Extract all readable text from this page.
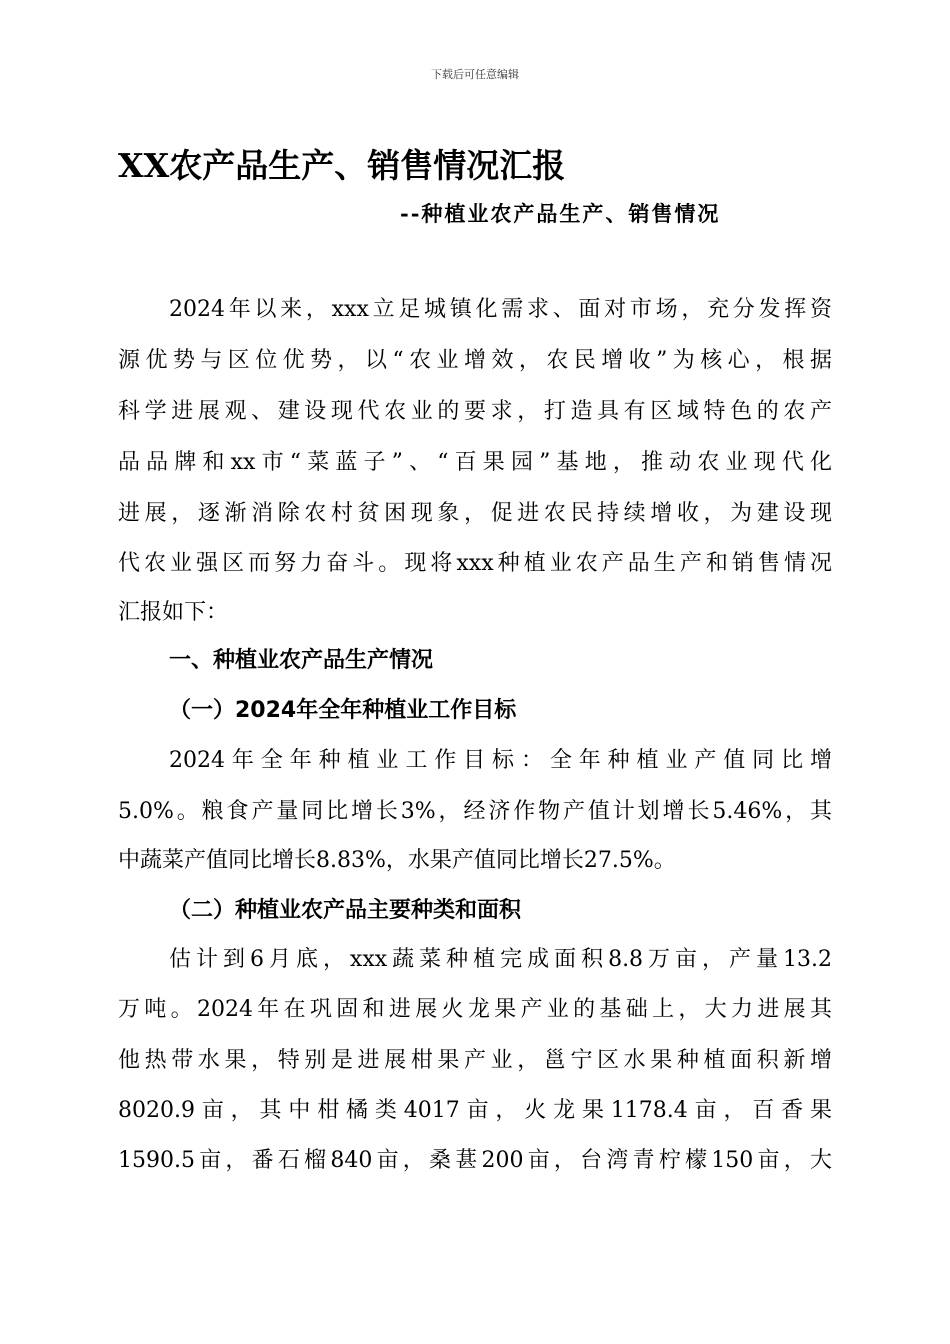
下载后可任意编辑
XX农产品生产、销售情况汇报
--种植业农产品生产、销售情况
2024年以来，xxx立足城镇化需求、面对市场，充分发挥资
源优势与区位优势，以“农业增效，农民增收”为核心，根据
科学进展观、建设现代农业的要求，打造具有区域特色的农产
品品牌和xx市“菜蓝子”、“百果园”基地，推动农业现代化
进展，逐渐消除农村贫困现象，促进农民持续增收，为建设现
代农业强区而努力奋斗。现将xxx种植业农产品生产和销售情况
汇报如下：
一、种植业农产品生产情况
（一）2024年全年种植业工作目标
2024年全年种植业工作目标：全年种植业产值同比增
5.0%。粮食产量同比增长3%，经济作物产值计划增长5.46%，其
中蔬菜产值同比增长8.83%，水果产值同比增长27.5%。
（二）种植业农产品主要种类和面积
估计到6月底，xxx蔬菜种植完成面积8.8万亩，产量13.2
万吨。2024年在巩固和进展火龙果产业的基础上，大力进展其
他热带水果，特别是进展柑果产业，邕宁区水果种植面积新增
8020.9亩，其中柑橘类4017亩，火龙果1178.4亩，百香果
1590.5亩，番石榴840亩，桑葚200亩，台湾青柠檬150亩，大
